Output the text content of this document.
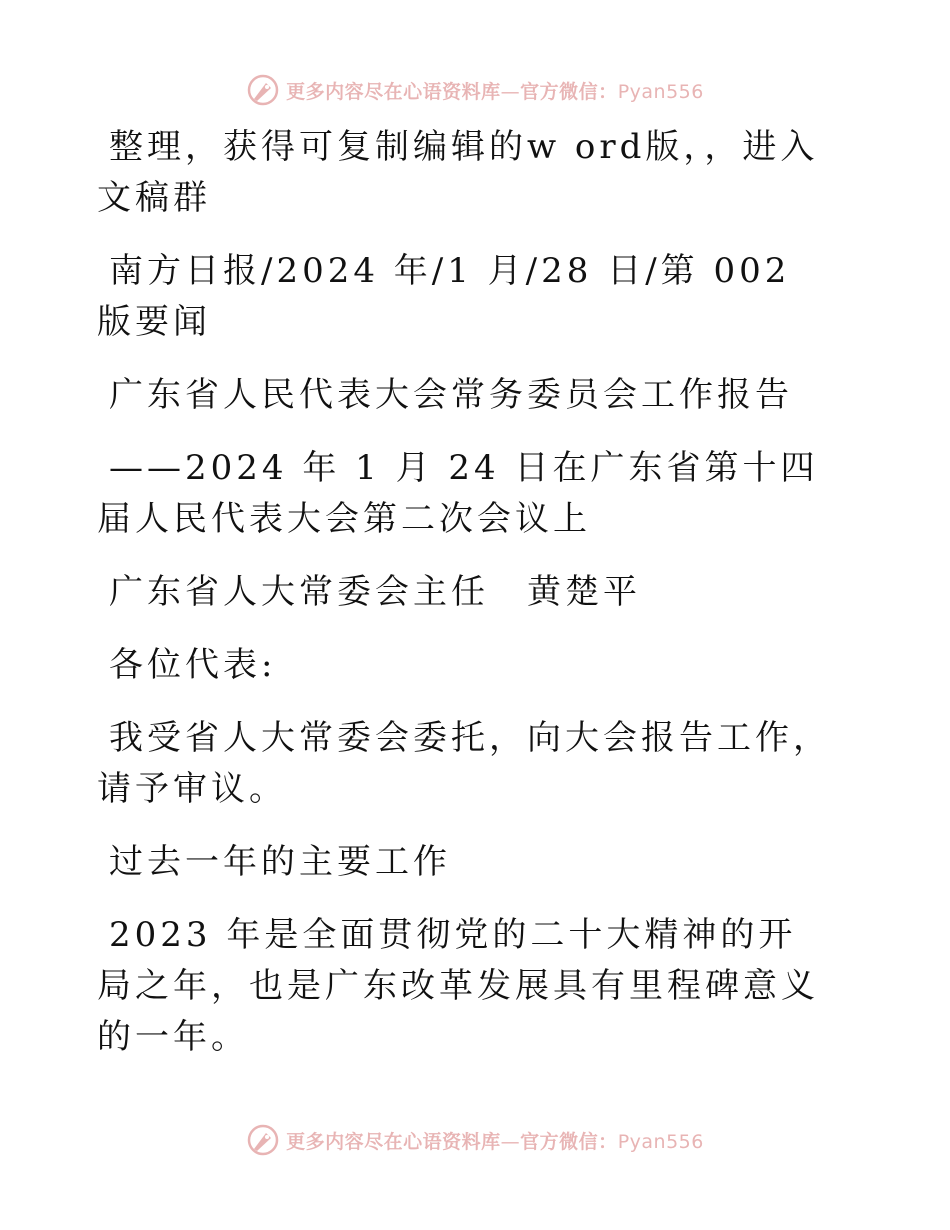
更多内容尽在心语资料库—官方微信：Pyan556

整理，获得可复制编辑的w ord版，，进入文稿群

南方日报/2024 年/1 月/28 日/第 002 版要闻

广东省人民代表大会常务委员会工作报告

——2024 年 1 月 24 日在广东省第十四届人民代表大会第二次会议上

广东省人大常委会主任　黄楚平

各位代表:

我受省人大常委会委托，向大会报告工作，请予审议。

过去一年的主要工作

2023 年是全面贯彻党的二十大精神的开局之年，也是广东改革发展具有里程碑意义的一年。

更多内容尽在心语资料库—官方微信：Pyan556
